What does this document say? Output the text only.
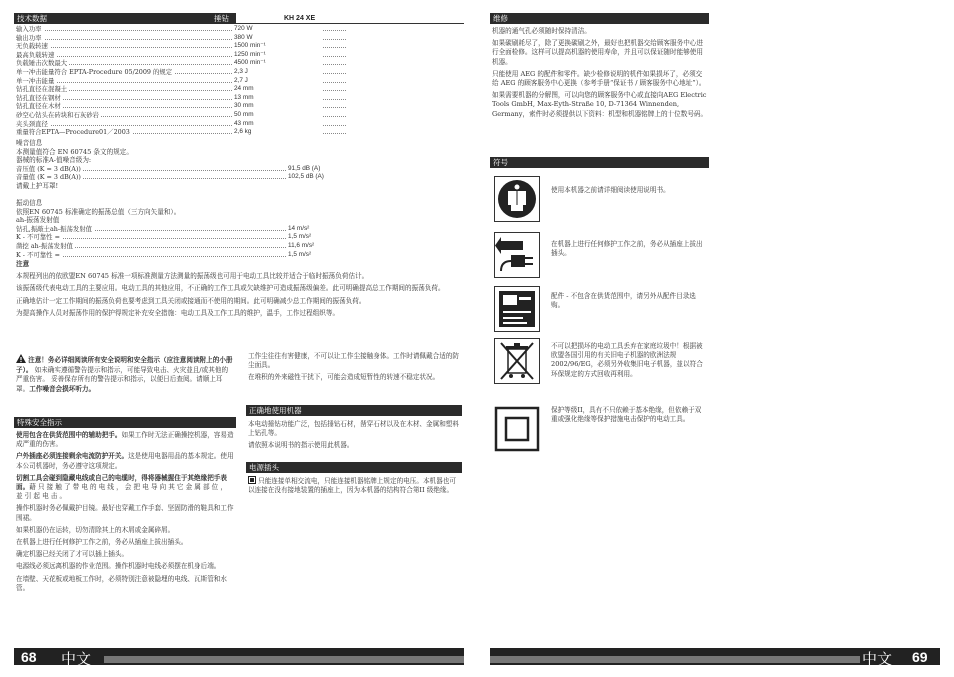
技术数据	捶钻	KH 24 XE
输入功率	720 W
输出功率	380 W
无负载转速	1500 min⁻¹
最高负载转速	1250 min⁻¹
负载锤击次数最大	4500 min⁻¹
单一冲击能量符合 EPTA-Procedure 05/2009 的规定	2,3 J
单一冲击能量	2,7 J
钻孔直径在混凝土	24 mm
钻孔直径在钢材	13 mm
钻孔直径在木材	30 mm
砂空心钻头在砖块和石灰砂岩	50 mm
夹头颈直径	43 mm
重量符合EPTA—Procedure01／2003	2,6 kg
噪音信息
本测量值符合 EN 60745 条文的规定。
器械的标准A-值噪音级为:
音压值 (K = 3 dB(A))	91,5 dB (A)
音量值 (K = 3 dB(A))	102,5 dB (A)
请戴上护耳罩!
振动信息
依照EN 60745 标准确定的振荡总值（三方向矢量和）。
ah-振荡发射值
钻孔,振敲土ah-振荡发射值	14 m/s²
K - 不可靠性 =	1,5 m/s²
凿挖 ah-振荡发射值	11,6 m/s²
K - 不可靠性 =	1,5 m/s²
注意
本规程列出的依欧盟EN 60745 标准一项标准测量方法测量的振荡级也可用于电动工具比较并适合于临时振荡负荷估计。
该振荡级代表电动工具的主要应用。电动工具的其他应用，不正确的工作工具或欠缺维护可造成振荡级偏差。此可明确提高总工作期间的振荡负荷。
正确地估计一定工作期间的振荡负荷也要考虑到工具关闭或接通而不使用的期间。此可明确减少总工作期间的振荡负荷。
为提高操作人员对振荡作用的保护得规定补充安全措施：电动工具及工作工具的维护，温手，工作过程组织等。
注意！务必详细阅读所有安全说明和安全指示（应注意阅读附上的小册子）。 如未确实遵循警告提示和指示，可能导致电击、火灾並且/或其他的严重伤害。 妥善保存所有的警告提示和指示，以便日后查阅。请顺上耳罩。工作噪音会损坏听力。
特殊安全指示
使用包含在供货范围中的辅助把手。如果工作时无法正确操控机器，容易造成严重的伤害。
户外插座必须连接剩余电流防护开关。这是使用电器用品的基本规定。使用本公司机器时，务必遵守这项规定。
切割工具会碰到隐藏电线或自己的电缆时，得将器械握住于其绝缘把手表面。藉 只 接 触 了 带 电 的 电 线 ， 会 把 电 导 向 其 它 金 属 部 位 ， 並 引 起 电 击 。
操作机器时务必佩戴护目镜。最好也穿戴工作手套、坚固防滑的鞋具和工作围裙。
如果机器仍在运转，切勿清除其上的木屑或金属碎屑。
在机器上进行任何修护工作之前，务必从插座上拔出插头。
确定机器已经关闭了才可以插上插头。
电源线必须远离机器的作业范围。操作机器时电线必须摆在机身后端。
在墙壁、天花板或地板工作时，必须特别注意被隐埋的电线、瓦斯管和水管。
工作尘往往有害健康，不可以让工作尘接触身体。工作时请佩戴合适的防尘面具。
在堆积的外来磁性干扰下，可能会造成短暂性的转速不稳定状况。
正确地使用机器
本电动捶钻功能广泛，包括捶钻石材，凿穿石材以及在木材、金属和塑料上钻孔等。
请依照本说明书的指示使用此机器。
电源插头
只能连接单相交流电，只能连接机器铭牌上规定的电压。本机器也可以连接在没有接地装置的插座上，因为本机器的结构符合第II 级绝缘。
68 中文
维修
机器的通气孔必须随时保持清洁。
如果碳刷耗尽了，除了更换碳刷之外，最好也把机器交给顾客服务中心进行全面检修。这样可以提高机器的使用寿命，并且可以保证随时能够使用机器。
只能使用 AEG 的配件和零件。缺少检修说明的机件如果损坏了，必须交给 AEG 的顾客服务中心更换（参考手册“保证书 / 顾客服务中心地址”）。
如果需要机器的分解图，可以向您的顾客服务中心或直接向AEG Electric Tools GmbH, Max-Eyth-Straße 10, D-71364 Winnenden, Germany，索件时必须提供以下资料：机型和机器铭牌上的十位数号码。
符号
使用本机器之前请详细阅读使用说明书。
在机器上进行任何修护工作之前，务必从插座上拔出插头。
配件 - 不包含在供货范围中，请另外从配件目录选购。
不可以把损坏的电动工具丢弃在家庭垃圾中！根据被欧盟各国引用的有关旧电子机器的欧洲法规2002/96/EG，必须另外收集旧电子机器，並以符合环保规定的方式回收再利用。
保护等级II，具有不只依赖于基本绝缘，但依赖于双重或强化绝缘等保护措施电击保护的电动工具。
中文 69
